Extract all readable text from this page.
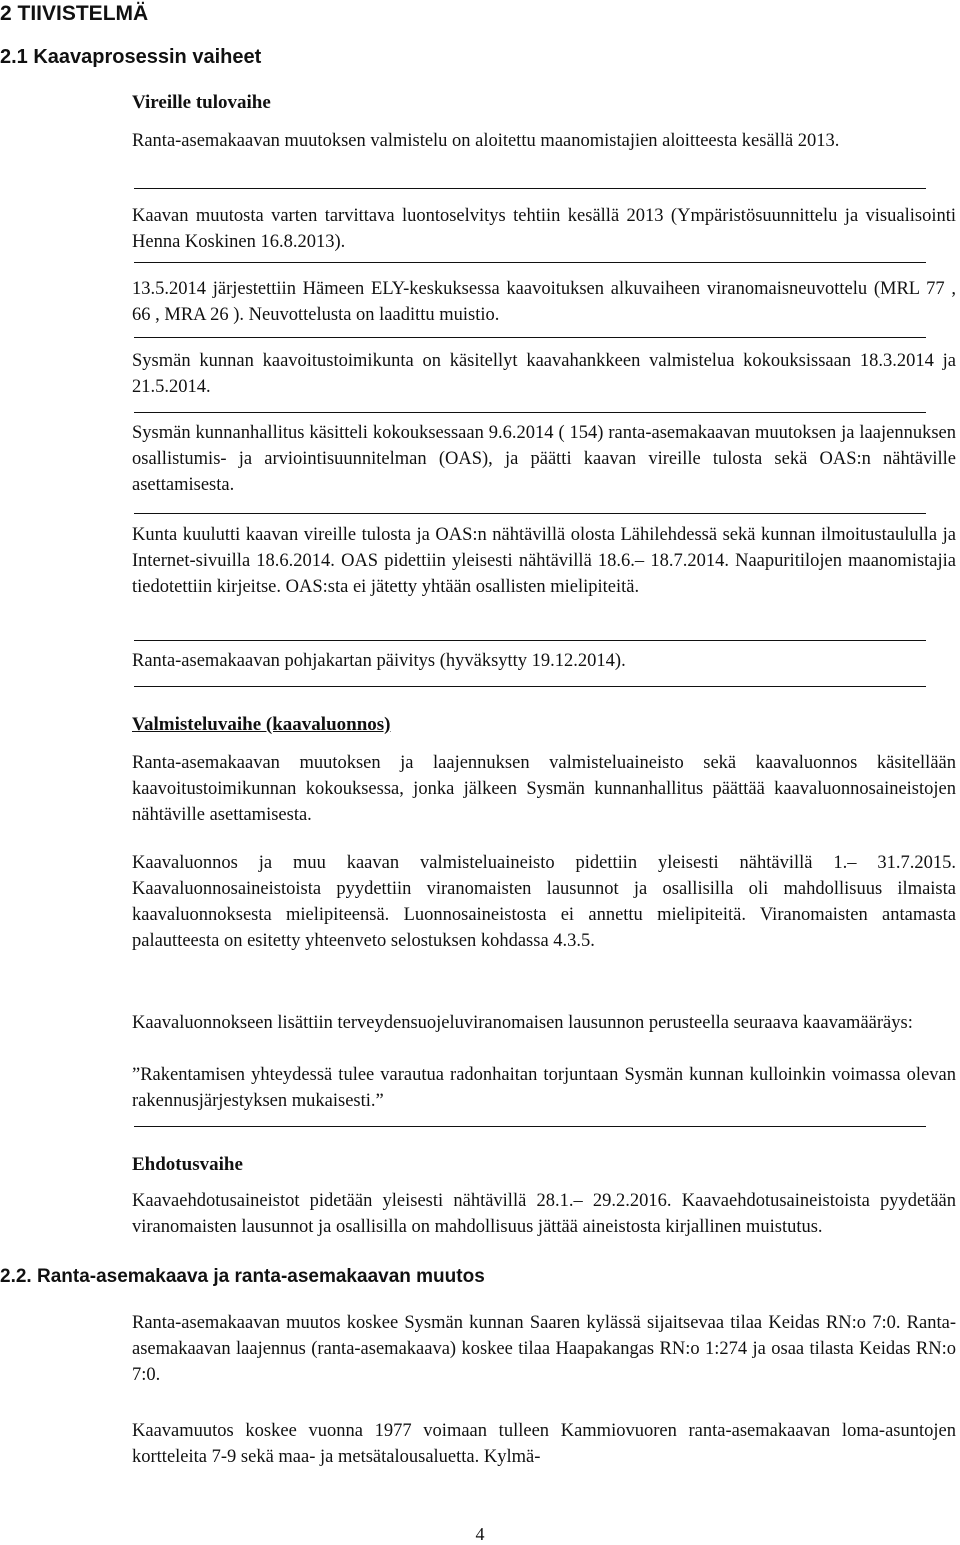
2 TIIVISTELMÄ
2.1 Kaavaprosessin vaiheet
Vireille tulovaihe

Ranta-asemakaavan muutoksen valmistelu on aloitettu maanomistajien aloitteesta kesällä 2013.

Kaavan muutosta varten tarvittava luontoselvitys tehtiin kesällä 2013 (Ympäristösuunnittelu ja visualisointi Henna Koskinen 16.8.2013).

13.5.2014 järjestettiin Hämeen ELY-keskuksessa kaavoituksen alkuvaiheen viranomaisneuvottelu (MRL 77 , 66 , MRA 26 ). Neuvottelusta on laadittu muistio.

Sysmän kunnan kaavoitustoimikunta on käsitellyt kaavahankkeen valmistelua kokouksissaan 18.3.2014 ja 21.5.2014.

Sysmän kunnanhallitus käsitteli kokouksessaan 9.6.2014 ( 154) ranta-asemakaavan muutoksen ja laajennuksen osallistumis- ja arviointisuunnitelman (OAS), ja päätti kaavan vireille tulosta sekä OAS:n nähtäville asettamisesta.

Kunta kuulutti kaavan vireille tulosta ja OAS:n nähtävillä olosta Lähilehdessä sekä kunnan ilmoitustaululla ja Internet-sivuilla 18.6.2014. OAS pidettiin yleisesti nähtävillä 18.6.– 18.7.2014. Naapuritilojen maanomistajia tiedotettiin kirjeitse. OAS:sta ei jätetty yhtään osallisten mielipiteitä.

Ranta-asemakaavan pohjakartan päivitys (hyväksytty 19.12.2014).

Valmisteluvaihe (kaavaluonnos)

Ranta-asemakaavan muutoksen ja laajennuksen valmisteluaineisto sekä kaavaluonnos käsitellään kaavoitustoimikunnan kokouksessa, jonka jälkeen Sysmän kunnanhallitus päättää kaavaluonnosaineistojen nähtäville asettamisesta.

Kaavaluonnos ja muu kaavan valmisteluaineisto pidettiin yleisesti nähtävillä 1.– 31.7.2015. Kaavaluonnosaineistoista pyydettiin viranomaisten lausunnot ja osallisilla oli mahdollisuus ilmaista kaavaluonnoksesta mielipiteensä. Luonnosaineistosta ei annettu mielipiteitä. Viranomaisten antamasta palautteesta on esitetty yhteenveto selostuksen kohdassa 4.3.5.

Kaavaluonnokseen lisättiin terveydensuojeluviranomaisen lausunnon perusteella seuraava kaavamääräys:

”Rakentamisen yhteydessä tulee varautua radonhaitan torjuntaan Sysmän kunnan kulloinkin voimassa olevan rakennusjärjestyksen mukaisesti.”

Ehdotusvaihe

Kaavaehdotusaineistot pidetään yleisesti nähtävillä 28.1.– 29.2.2016. Kaavaehdotusaineistoista pyydetään viranomaisten lausunnot ja osallisilla on mahdollisuus jättää aineistosta kirjallinen muistutus.

Ranta-asemakaavan muutos koskee Sysmän kunnan Saaren kylässä sijaitsevaa tilaa Keidas RN:o 7:0. Ranta-asemakaavan laajennus (ranta-asemakaava) koskee tilaa Haapakangas RN:o 1:274 ja osaa tilasta Keidas RN:o 7:0.

Kaavamuutos koskee vuonna 1977 voimaan tulleen Kammiovuoren ranta-asemakaavan loma-asuntojen kortteleita 7-9 sekä maa- ja metsätalousaluetta. Kylmä-

2.2. Ranta-asemakaava ja ranta-asemakaavan muutos
4
